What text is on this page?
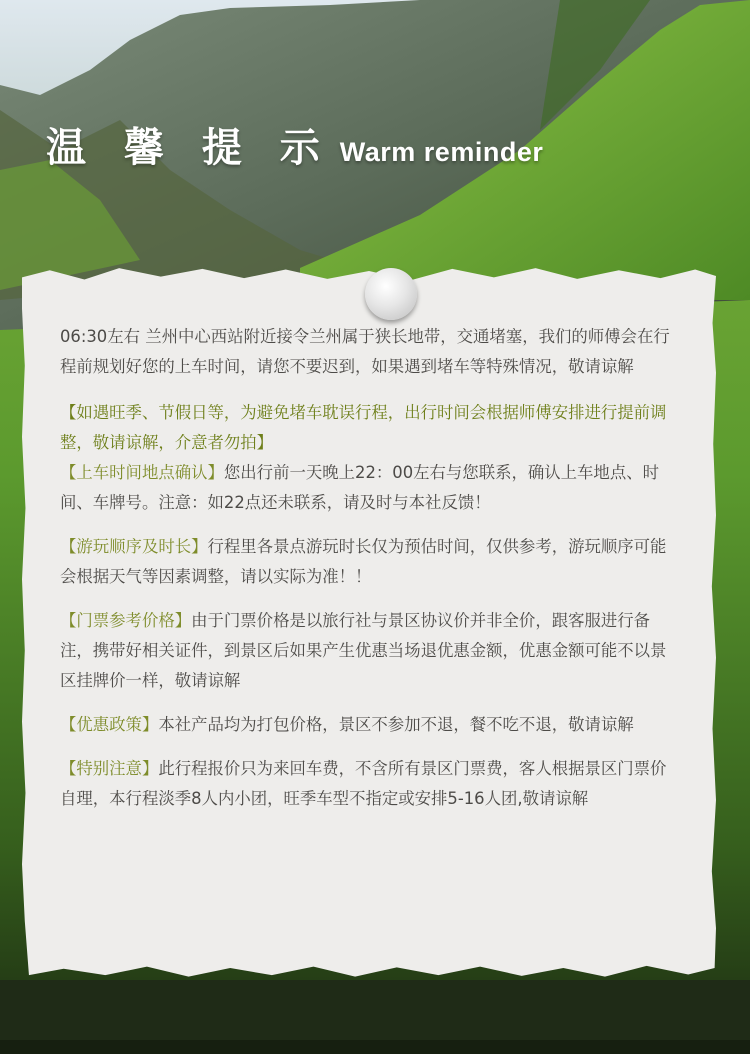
温 馨 提 示 Warm reminder

06:30左右 兰州中心西站附近接令兰州属于狭长地带，交通堵塞，我们的师傅会在行程前规划好您的上车时间，请您不要迟到，如果遇到堵车等特殊情况，敬请谅解

【如遇旺季、节假日等，为避免堵车耽误行程，出行时间会根据师傅安排进行提前调整，敬请谅解，介意者勿拍】

【上车时间地点确认】您出行前一天晚上22：00左右与您联系，确认上车地点、时间、车牌号。注意：如22点还未联系，请及时与本社反馈！

【游玩顺序及时长】行程里各景点游玩时长仅为预估时间，仅供参考，游玩顺序可能会根据天气等因素调整，请以实际为准！！

【门票参考价格】由于门票价格是以旅行社与景区协议价并非全价，跟客服进行备注，携带好相关证件，到景区后如果产生优惠当场退优惠金额，优惠金额可能不以景区挂牌价一样，敬请谅解

【优惠政策】本社产品均为打包价格，景区不参加不退，餐不吃不退，敬请谅解

【特别注意】此行程报价只为来回车费，不含所有景区门票费，客人根据景区门票价自理，本行程淡季8人内小团，旺季车型不指定或安排5-16人团,敬请谅解
